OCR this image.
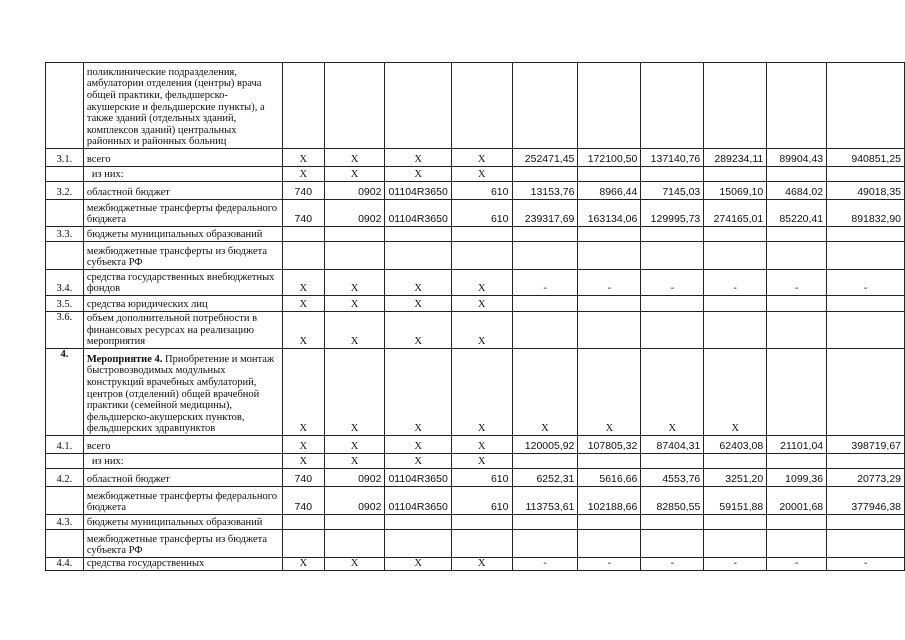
	поликлинические подразделения, амбулатории отделения (центры) врача общей практики, фельдшерско-акушерские и фельдшерские пункты), а также зданий (отдельных зданий, комплексов зданий) центральных районных и районных больниц										
3.1.	всего	Х	Х	Х	Х	252471,45	172100,50	137140,76	289234,11	89904,43	940851,25
	из них:	Х	Х	Х	Х						
3.2.	областной бюджет	740	0902	01104R3650	610	13153,76	8966,44	7145,03	15069,10	4684,02	49018,35
	межбюджетные трансферты федерального бюджета	740	0902	01104R3650	610	239317,69	163134,06	129995,73	274165,01	85220,41	891832,90
3.3.	бюджеты муниципальных образований										
	межбюджетные трансферты из бюджета субъекта РФ										
3.4.	средства государственных внебюджетных фондов	Х	Х	Х	Х	-	-	-	-	-	-
3.5.	средства юридических лиц	Х	Х	Х	Х						
3.6.	объем дополнительной потребности в финансовых ресурсах на реализацию мероприятия	Х	Х	Х	Х						
4.	Мероприятие 4. Приобретение и монтаж быстровозводимых модульных конструкций врачебных амбулаторий, центров (отделений) общей врачебной практики (семейной медицины), фельдшерско-акушерских пунктов, фельдшерских здравпунктов	Х	Х	Х	Х	Х	Х	Х	Х		
4.1.	всего	Х	Х	Х	Х	120005,92	107805,32	87404,31	62403,08	21101,04	398719,67
	из них:	Х	Х	Х	Х						
4.2.	областной бюджет	740	0902	01104R3650	610	6252,31	5616,66	4553,76	3251,20	1099,36	20773,29
	межбюджетные трансферты федерального бюджета	740	0902	01104R3650	610	113753,61	102188,66	82850,55	59151,88	20001,68	377946,38
4.3.	бюджеты муниципальных образований										
	межбюджетные трансферты из бюджета субъекта РФ										
4.4.	средства государственных	Х	Х	Х	Х	-	-	-	-	-	-
